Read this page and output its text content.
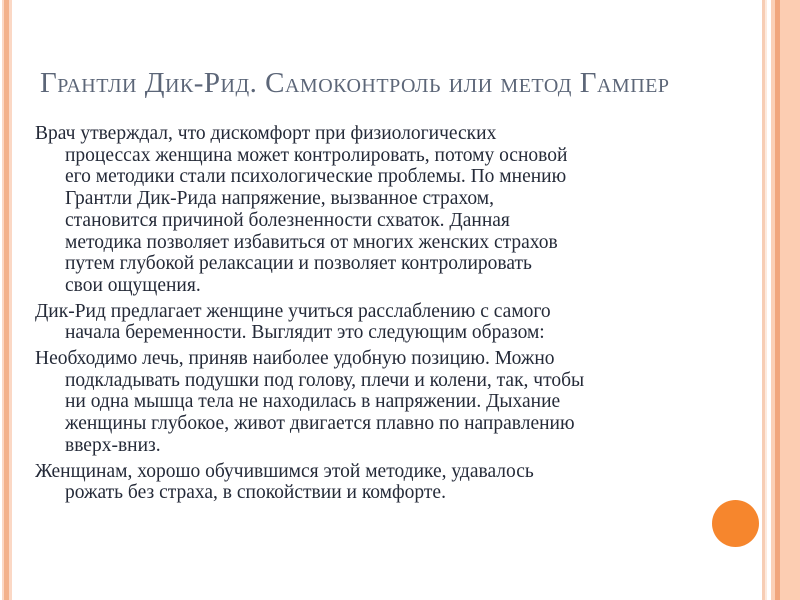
Грантли Дик-Рид. Самоконтроль или метод Гампер
Врач утверждал, что дискомфорт при физиологических
процессах женщина может контролировать, потому основой
его методики стали психологические проблемы. По мнению
Грантли Дик-Рида напряжение, вызванное страхом,
становится причиной болезненности схваток. Данная
методика позволяет избавиться от многих женских страхов
путем глубокой релаксации и позволяет контролировать
свои ощущения.
Дик-Рид предлагает женщине учиться расслаблению с самого
начала беременности. Выглядит это следующим образом:
Необходимо лечь, приняв наиболее удобную позицию. Можно
подкладывать подушки под голову, плечи и колени, так, чтобы
ни одна мышца тела не находилась в напряжении. Дыхание
женщины глубокое, живот двигается плавно по направлению
вверх-вниз.
Женщинам, хорошо обучившимся этой методике, удавалось
рожать без страха, в спокойствии и комфорте.
